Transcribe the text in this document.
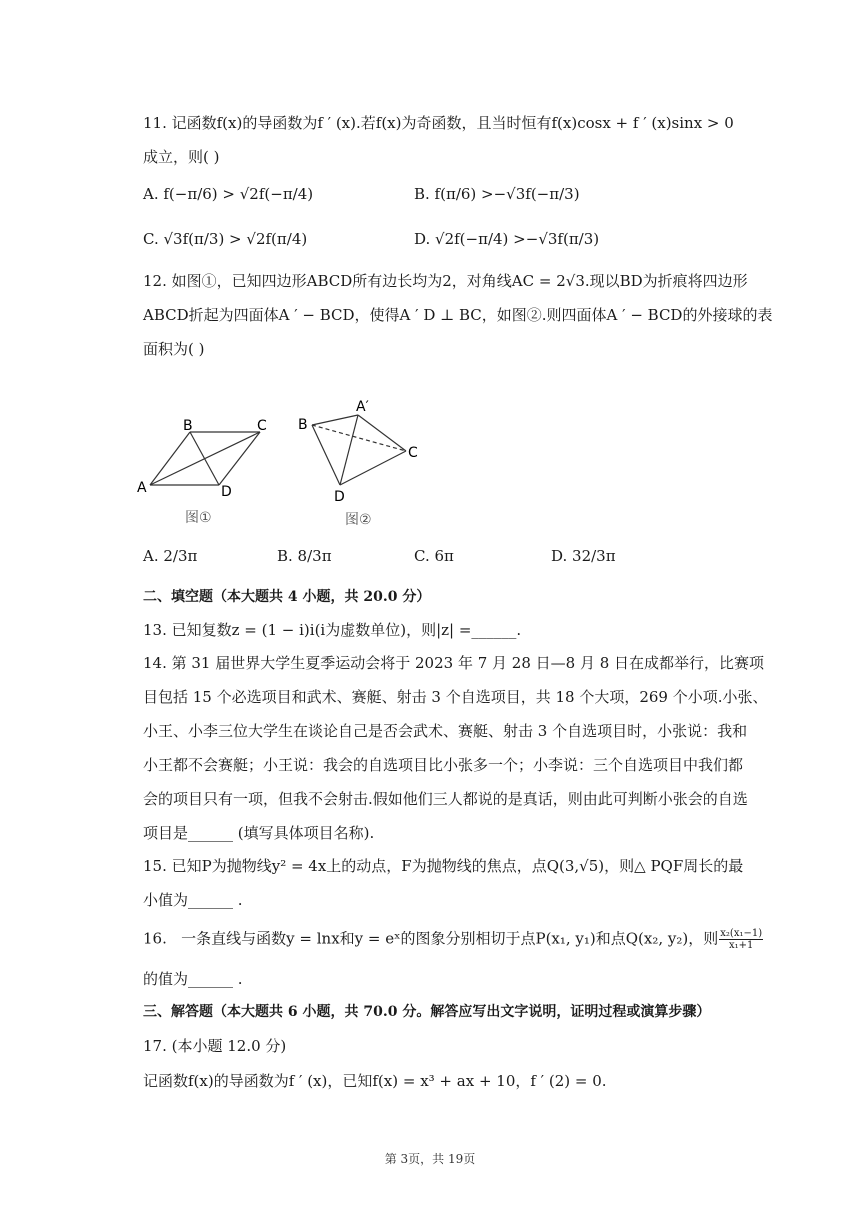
11. 记函数f(x)的导函数为f ′ (x).若f(x)为奇函数，且当时恒有f(x)cosx + f ′ (x)sinx > 0
成立，则( )
A. f(−π/6) > √2f(−π/4)	B. f(π/6) >−√3f(−π/3)
C. √3f(π/3) > √2f(π/4)	D. √2f(−π/4) >−√3f(π/3)
12. 如图①，已知四边形ABCD所有边长均为2，对角线AC = 2√3.现以BD为折痕将四边形
ABCD折起为四面体A ′ − BCD，使得A ′ D ⊥ BC，如图②.则四面体A ′ − BCD的外接球的表
面积为( )
A
B	C
D
图①
B
A′
C
D
图②
A. 2/3π	B. 8/3π	C. 6π	D. 32/3π
二、填空题（本大题共 4 小题，共 20.0 分）
13. 已知复数z = (1 − i)i(i为虚数单位)，则|z| =______.
14. 第 31 届世界大学生夏季运动会将于 2023 年 7 月 28 日—8 月 8 日在成都举行，比赛项
目包括 15 个必选项目和武术、赛艇、射击 3 个自选项目，共 18 个大项，269 个小项.小张、
小王、小李三位大学生在谈论自己是否会武术、赛艇、射击 3 个自选项目时，小张说：我和
小王都不会赛艇；小王说：我会的自选项目比小张多一个；小李说：三个自选项目中我们都
会的项目只有一项，但我不会射击.假如他们三人都说的是真话，则由此可判断小张会的自选
项目是______ (填写具体项目名称).
15. 已知P为抛物线y² = 4x上的动点，F为抛物线的焦点，点Q(3,√5)，则△ PQF周长的最
小值为______ .
16.   一条直线与函数y = lnx和y = eˣ的图象分别相切于点P(x₁, y₁)和点Q(x₂, y₂)，则 $\frac{\text{x₂(x₁−1)}}{\text{x₁+1}}$
的值为______ .
三、解答题（本大题共 6 小题，共 70.0 分。解答应写出文字说明，证明过程或演算步骤）
17. (本小题 12.0 分)
记函数f(x)的导函数为f ′ (x)，已知f(x) = x³ + ax + 10，f ′ (2) = 0.
第 3页，共 19页
